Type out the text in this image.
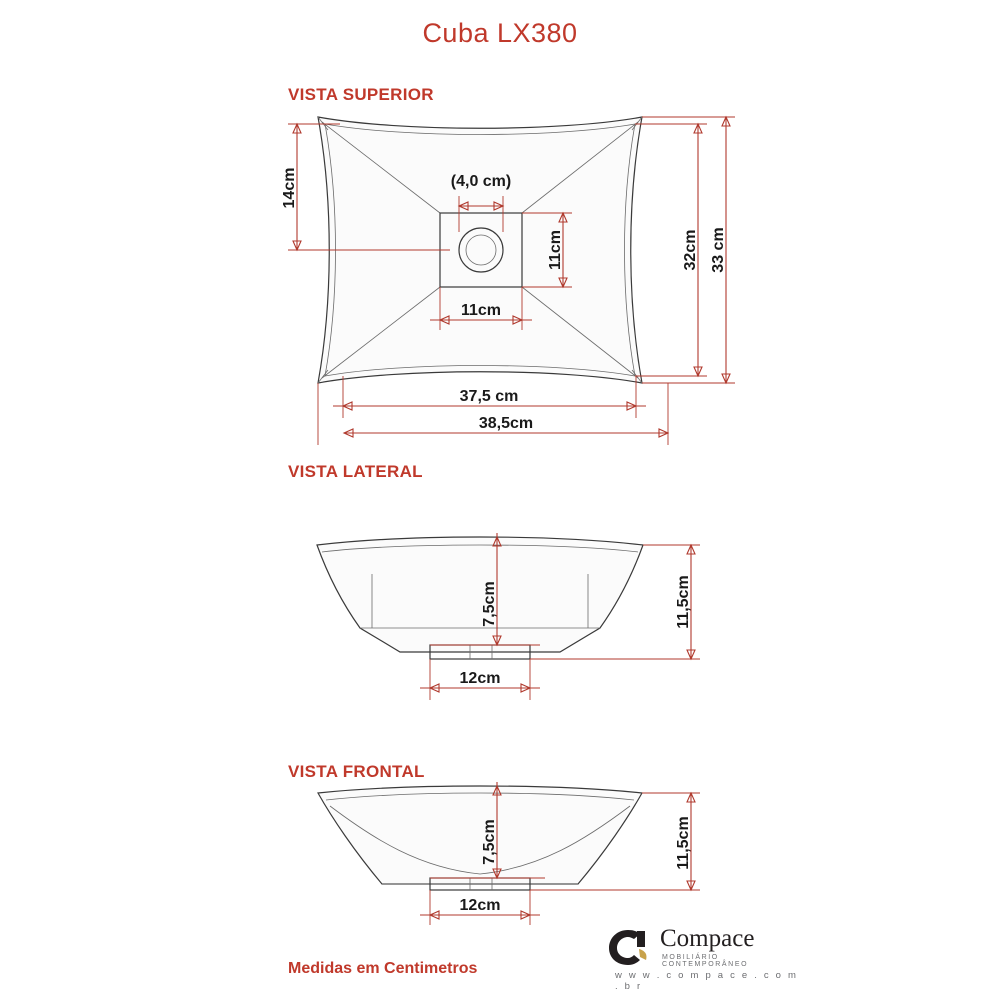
Cuba LX380
VISTA SUPERIOR
VISTA LATERAL
VISTA FRONTAL
Medidas em Centimetros
14cm	(4,0 cm)
11cm
11cm
32cm 33 cm
37,5 cm
38,5cm
7,5cm	11,5cm
12cm
7,5cm	11,5cm
12cm
Compace
MOBILIÁRIO CONTEMPORÂNEO
w w w . c o m p a c e . c o m . b r
